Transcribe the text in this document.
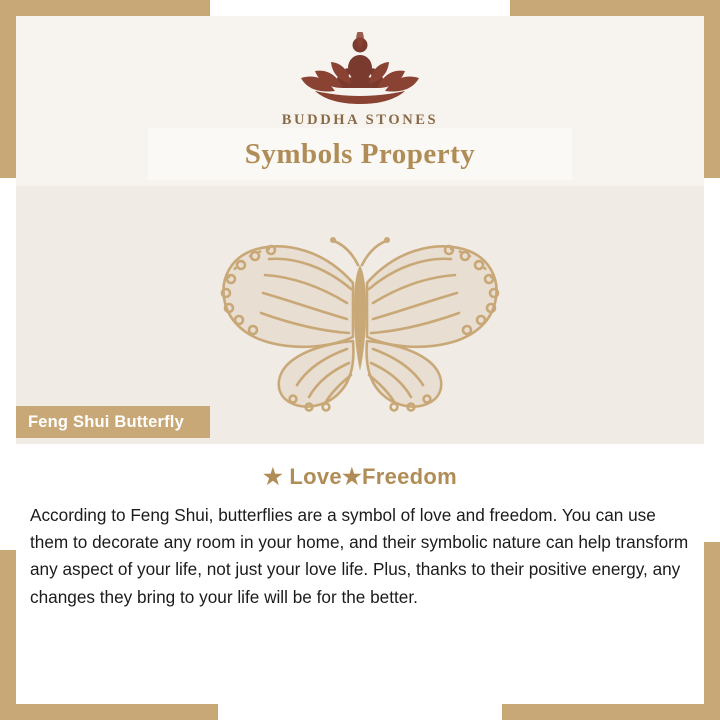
BUDDHA STONES
Symbols Property
Feng Shui Butterfly
★ Love★Freedom
According to Feng Shui, butterflies are a symbol of love and freedom. You can use them to decorate any room in your home, and their symbolic nature can help transform any aspect of your life, not just your love life. Plus, thanks to their positive energy, any changes they bring to your life will be for the better.
